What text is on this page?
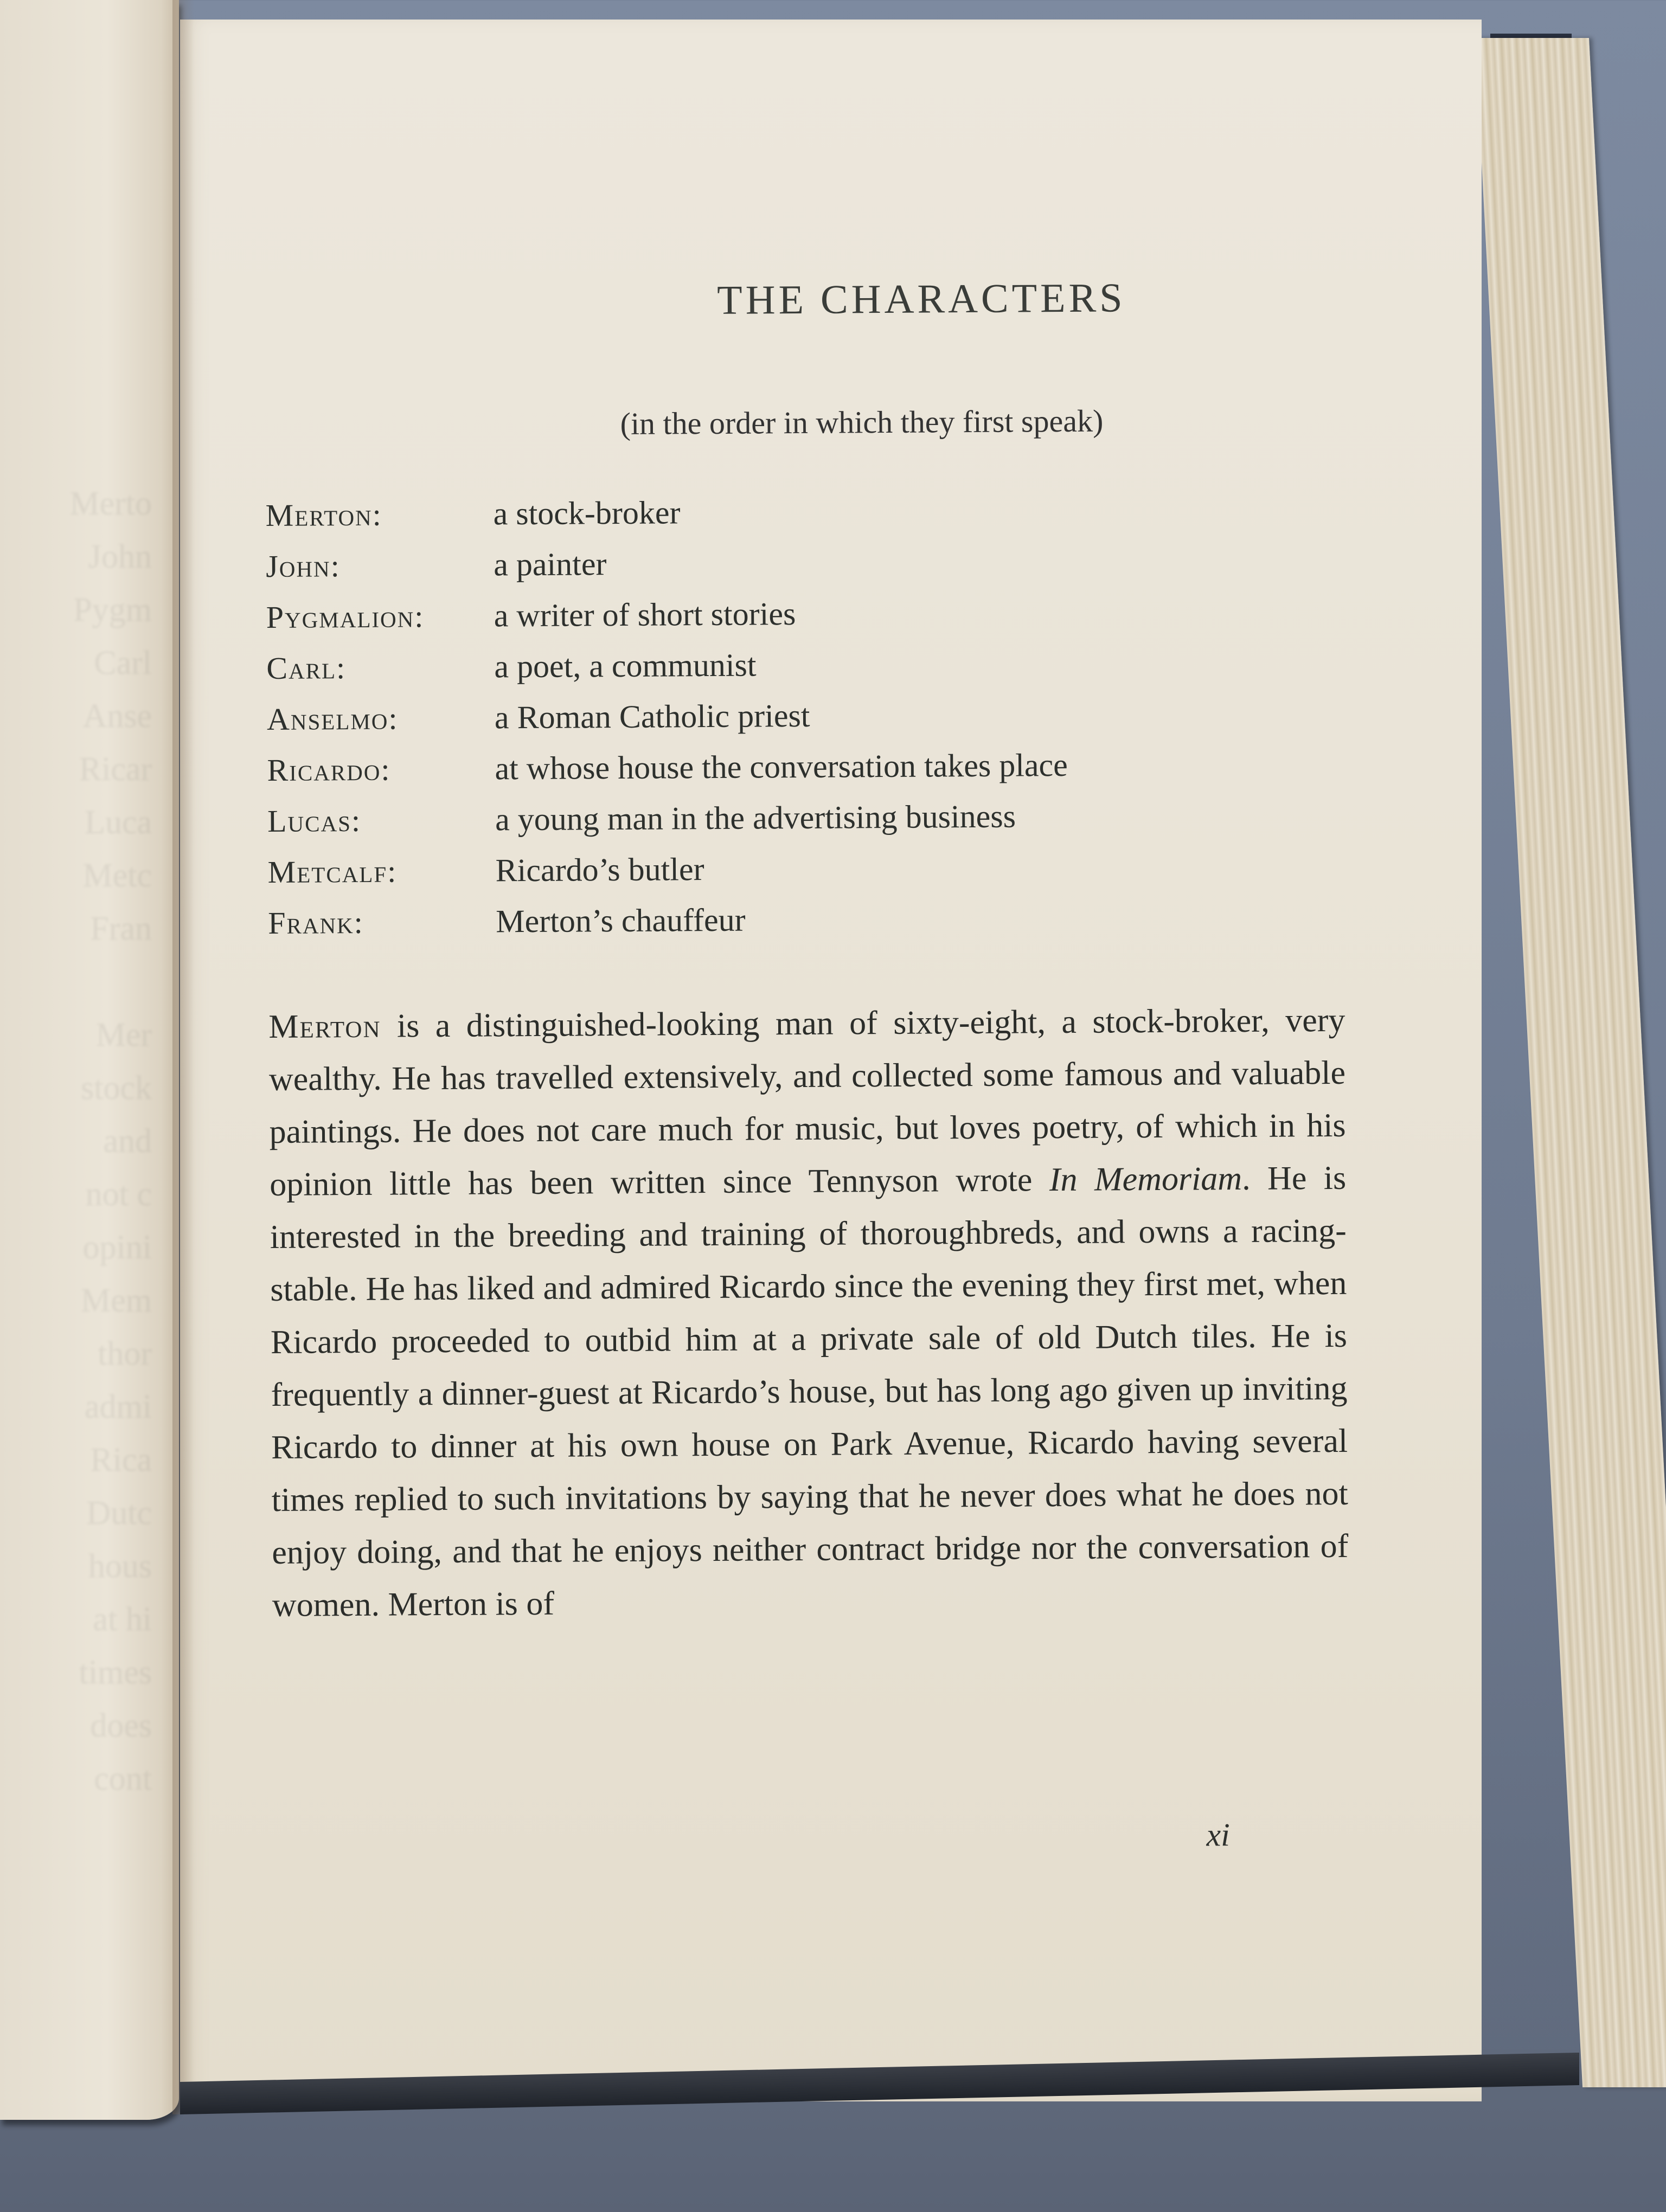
Merto
John
Pygm
Carl
Anse
Ricar
Luca
Metc
Fran

Mer
stock
and
not c
opini
Mem
thor
admi
Rica
Dutc
hous
at hi
times
does
cont
THE CHARACTERS

(in the order in which they first speak)

Merton:	a stock-broker
John:	a painter
Pygmalion:	a writer of short stories
Carl:	a poet, a communist
Anselmo:	a Roman Catholic priest
Ricardo:	at whose house the conversation takes place
Lucas:	a young man in the advertising business
Metcalf:	Ricardo’s butler
Frank:	Merton’s chauffeur

Merton is a distinguished-looking man of sixty-eight, a stock-broker, very wealthy. He has travelled extensively, and collected some famous and valuable paintings. He does not care much for music, but loves poetry, of which in his opinion little has been written since Tennyson wrote In Memoriam. He is interested in the breeding and training of thoroughbreds, and owns a racing-stable. He has liked and admired Ricardo since the evening they first met, when Ricardo proceeded to outbid him at a private sale of old Dutch tiles. He is frequently a dinner-guest at Ricardo’s house, but has long ago given up inviting Ricardo to dinner at his own house on Park Avenue, Ricardo having several times replied to such invitations by saying that he never does what he does not enjoy doing, and that he enjoys neither contract bridge nor the conversation of women. Merton is of

xi
